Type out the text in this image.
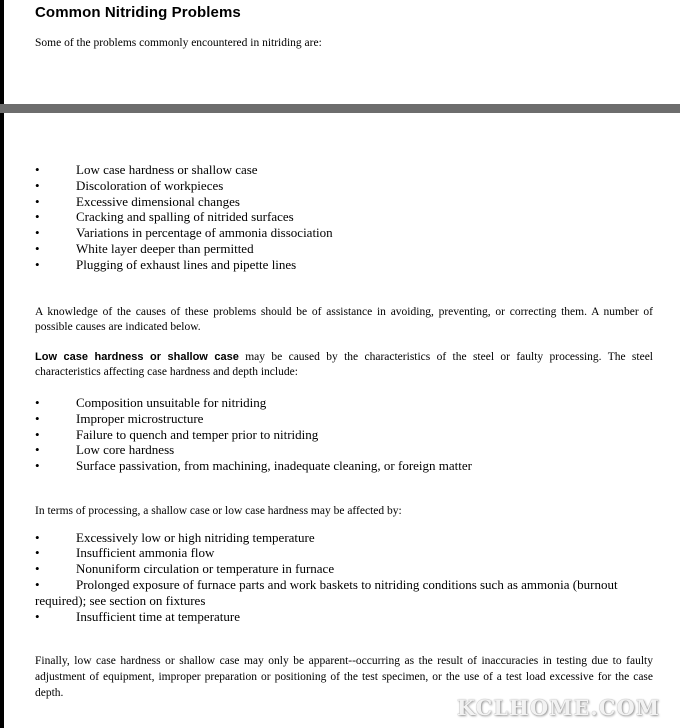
Common Nitriding Problems

Some of the problems commonly encountered in nitriding are:

• Low case hardness or shallow case
• Discoloration of workpieces
• Excessive dimensional changes
• Cracking and spalling of nitrided surfaces
• Variations in percentage of ammonia dissociation
• White layer deeper than permitted
• Plugging of exhaust lines and pipette lines

A knowledge of the causes of these problems should be of assistance in avoiding, preventing, or correcting them. A number of possible causes are indicated below.

Low case hardness or shallow case may be caused by the characteristics of the steel or faulty processing. The steel characteristics affecting case hardness and depth include:

• Composition unsuitable for nitriding
• Improper microstructure
• Failure to quench and temper prior to nitriding
• Low core hardness
• Surface passivation, from machining, inadequate cleaning, or foreign matter

In terms of processing, a shallow case or low case hardness may be affected by:

• Excessively low or high nitriding temperature
• Insufficient ammonia flow
• Nonuniform circulation or temperature in furnace
• Prolonged exposure of furnace parts and work baskets to nitriding conditions such as ammonia (burnout required); see section on fixtures
• Insufficient time at temperature

Finally, low case hardness or shallow case may only be apparent--occurring as the result of inaccuracies in testing due to faulty adjustment of equipment, improper preparation or positioning of the test specimen, or the use of a test load excessive for the case depth.

KCLHOME.COM
